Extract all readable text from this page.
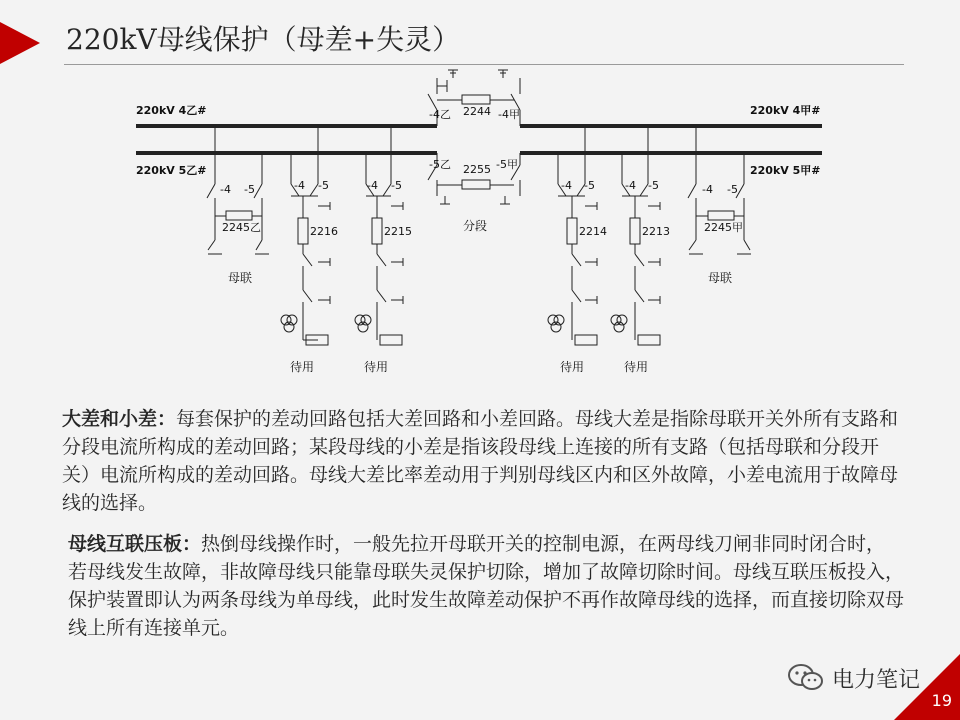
220kV母线保护（母差+失灵）
220kV 4乙#
220kV 5乙#
220kV 4甲#
220kV 5甲#
-4乙 2244 -4甲
-5乙 2255 -5甲
分段
-4 -5
2245乙
母联
-4 -5
2216
待用
-4 -5
2215
待用
-4 -5
2214
待用
-4 -5
2213
待用
-4 -5
2245甲
母联
大差和小差：每套保护的差动回路包括大差回路和小差回路。母线大差是指除母联开关外所有支路和分段电流所构成的差动回路；某段母线的小差是指该段母线上连接的所有支路（包括母联和分段开关）电流所构成的差动回路。母线大差比率差动用于判别母线区内和区外故障，小差电流用于故障母线的选择。
母线互联压板：热倒母线操作时，一般先拉开母联开关的控制电源，在两母线刀闸非同时闭合时，若母线发生故障，非故障母线只能靠母联失灵保护切除，增加了故障切除时间。母线互联压板投入，保护装置即认为两条母线为单母线，此时发生故障差动保护不再作故障母线的选择，而直接切除双母线上所有连接单元。
电力笔记
19
